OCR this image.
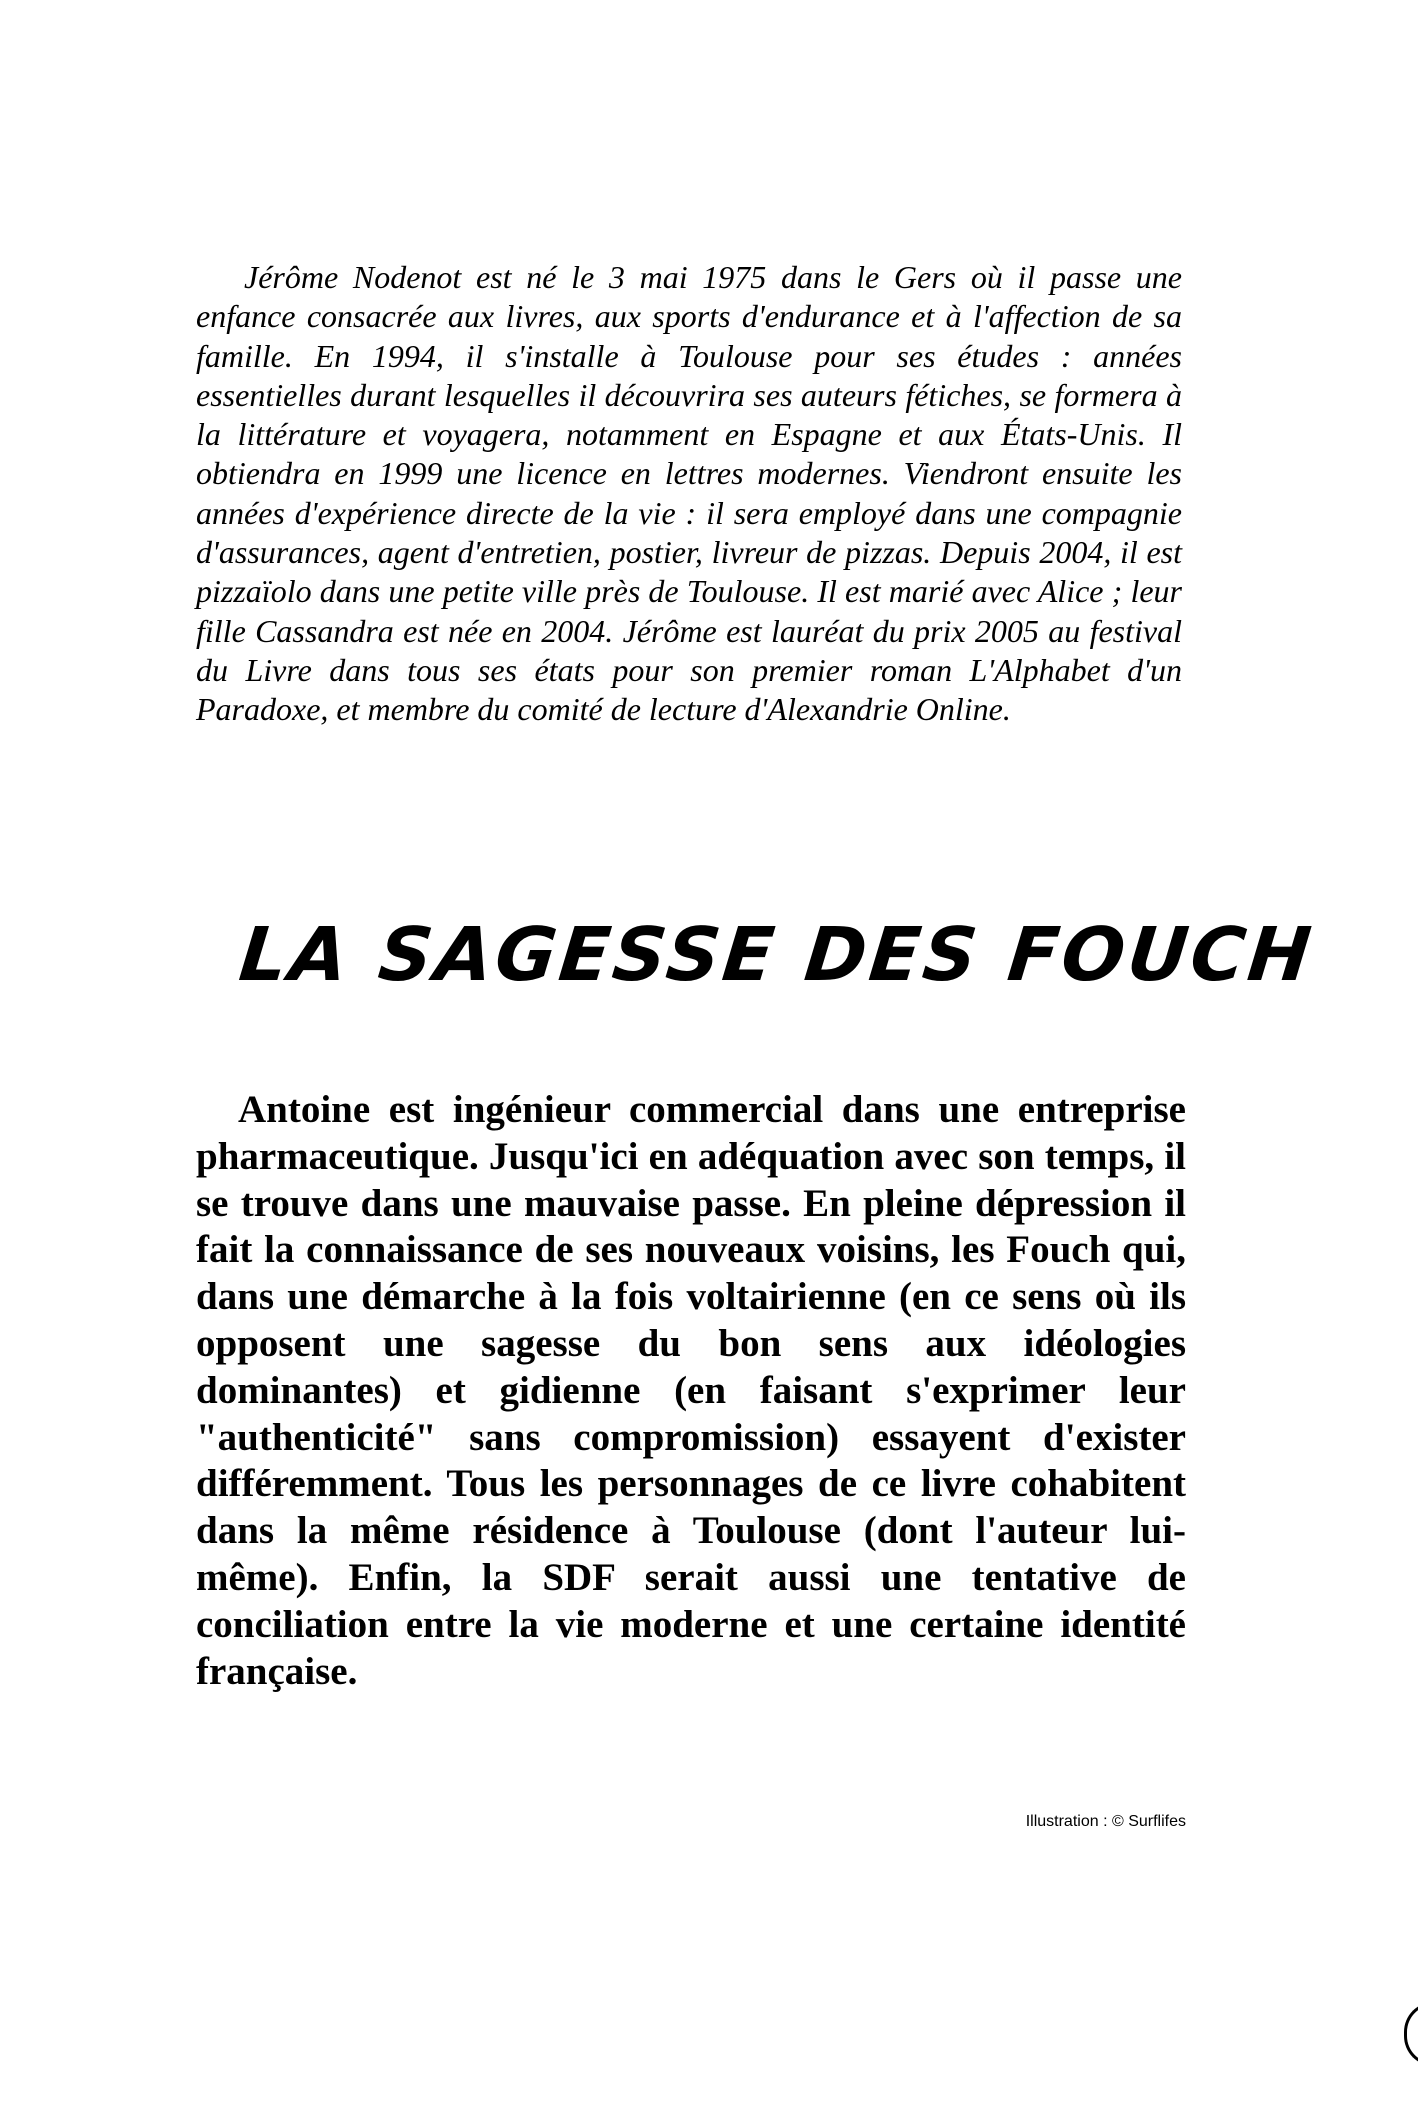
Jérôme Nodenot est né le 3 mai 1975 dans le Gers où il passe une enfance consacrée aux livres, aux sports d'endurance et à l'affection de sa famille. En 1994, il s'installe à Toulouse pour ses études : années essentielles durant lesquelles il découvrira ses auteurs fétiches, se formera à la littérature et voyagera, notamment en Espagne et aux États-Unis. Il obtiendra en 1999 une licence en lettres modernes. Viendront ensuite les années d'expérience directe de la vie : il sera employé dans une compagnie d'assurances, agent d'entretien, postier, livreur de pizzas. Depuis 2004, il est pizzaïolo dans une petite ville près de Toulouse. Il est marié avec Alice ; leur fille Cassandra est née en 2004. Jérôme est lauréat du prix 2005 au festival du Livre dans tous ses états pour son premier roman L'Alphabet d'un Paradoxe, et membre du comité de lecture d'Alexandrie Online.

LA SAGESSE DES FOUCH

Antoine est ingénieur commercial dans une entreprise pharmaceutique. Jusqu'ici en adéquation avec son temps, il se trouve dans une mauvaise passe. En pleine dépression il fait la connaissance de ses nouveaux voisins, les Fouch qui, dans une démarche à la fois voltairienne (en ce sens où ils opposent une sagesse du bon sens aux idéologies dominantes) et gidienne (en faisant s'exprimer leur "authenticité" sans compromission) essayent d'exister différemment. Tous les personnages de ce livre cohabitent dans la même résidence à Toulouse (dont l'auteur lui-même). Enfin, la SDF serait aussi une tentative de conciliation entre la vie moderne et une certaine identité française.

Illustration : © Surflifes
